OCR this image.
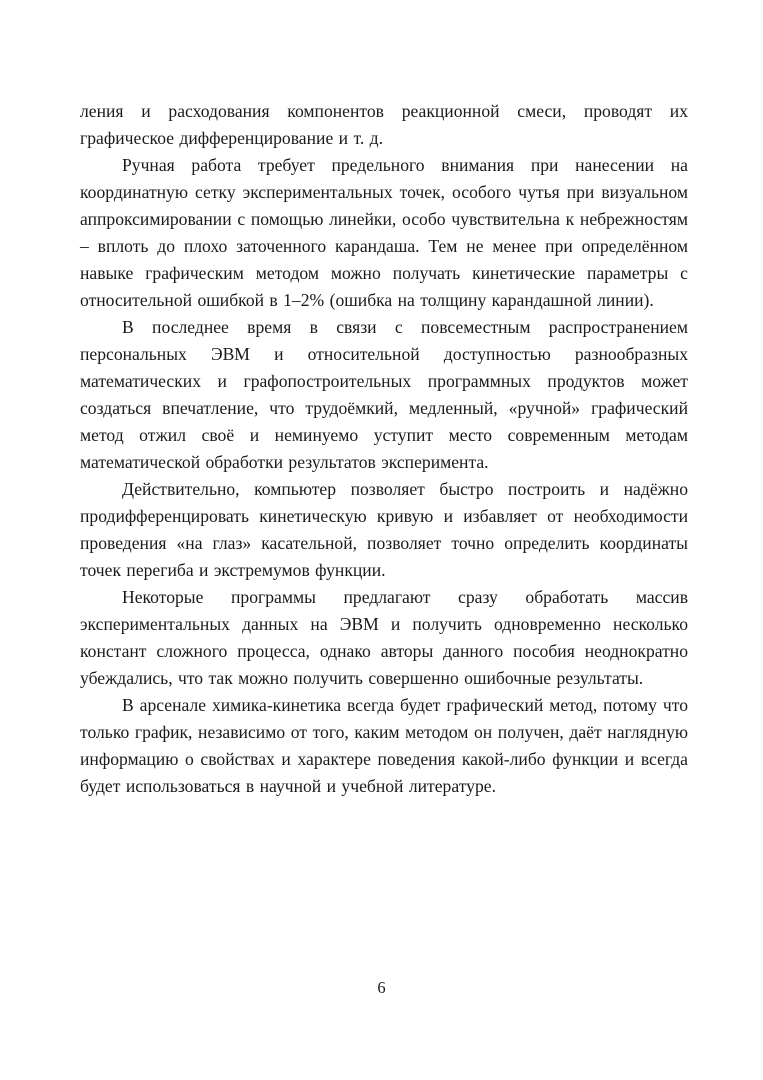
ления и расходования компонентов реакционной смеси, проводят их графическое дифференцирование и т. д.

Ручная работа требует предельного внимания при нанесении на координатную сетку экспериментальных точек, особого чутья при визуальном аппроксимировании с помощью линейки, особо чувствительна к небрежностям – вплоть до плохо заточенного карандаша. Тем не менее при определённом навыке графическим методом можно получать кинетические параметры с относительной ошибкой в 1–2% (ошибка на толщину карандашной линии).

В последнее время в связи с повсеместным распространением персональных ЭВМ и относительной доступностью разнообразных математических и графопостроительных программных продуктов может создаться впечатление, что трудоёмкий, медленный, «ручной» графический метод отжил своё и неминуемо уступит место современным методам математической обработки результатов эксперимента.

Действительно, компьютер позволяет быстро построить и надёжно продифференцировать кинетическую кривую и избавляет от необходимости проведения «на глаз» касательной, позволяет точно определить координаты точек перегиба и экстремумов функции.

Некоторые программы предлагают сразу обработать массив экспериментальных данных на ЭВМ и получить одновременно несколько констант сложного процесса, однако авторы данного пособия неоднократно убеждались, что так можно получить совершенно ошибочные результаты.

В арсенале химика-кинетика всегда будет графический метод, потому что только график, независимо от того, каким методом он получен, даёт наглядную информацию о свойствах и характере поведения какой-либо функции и всегда будет использоваться в научной и учебной литературе.

6
